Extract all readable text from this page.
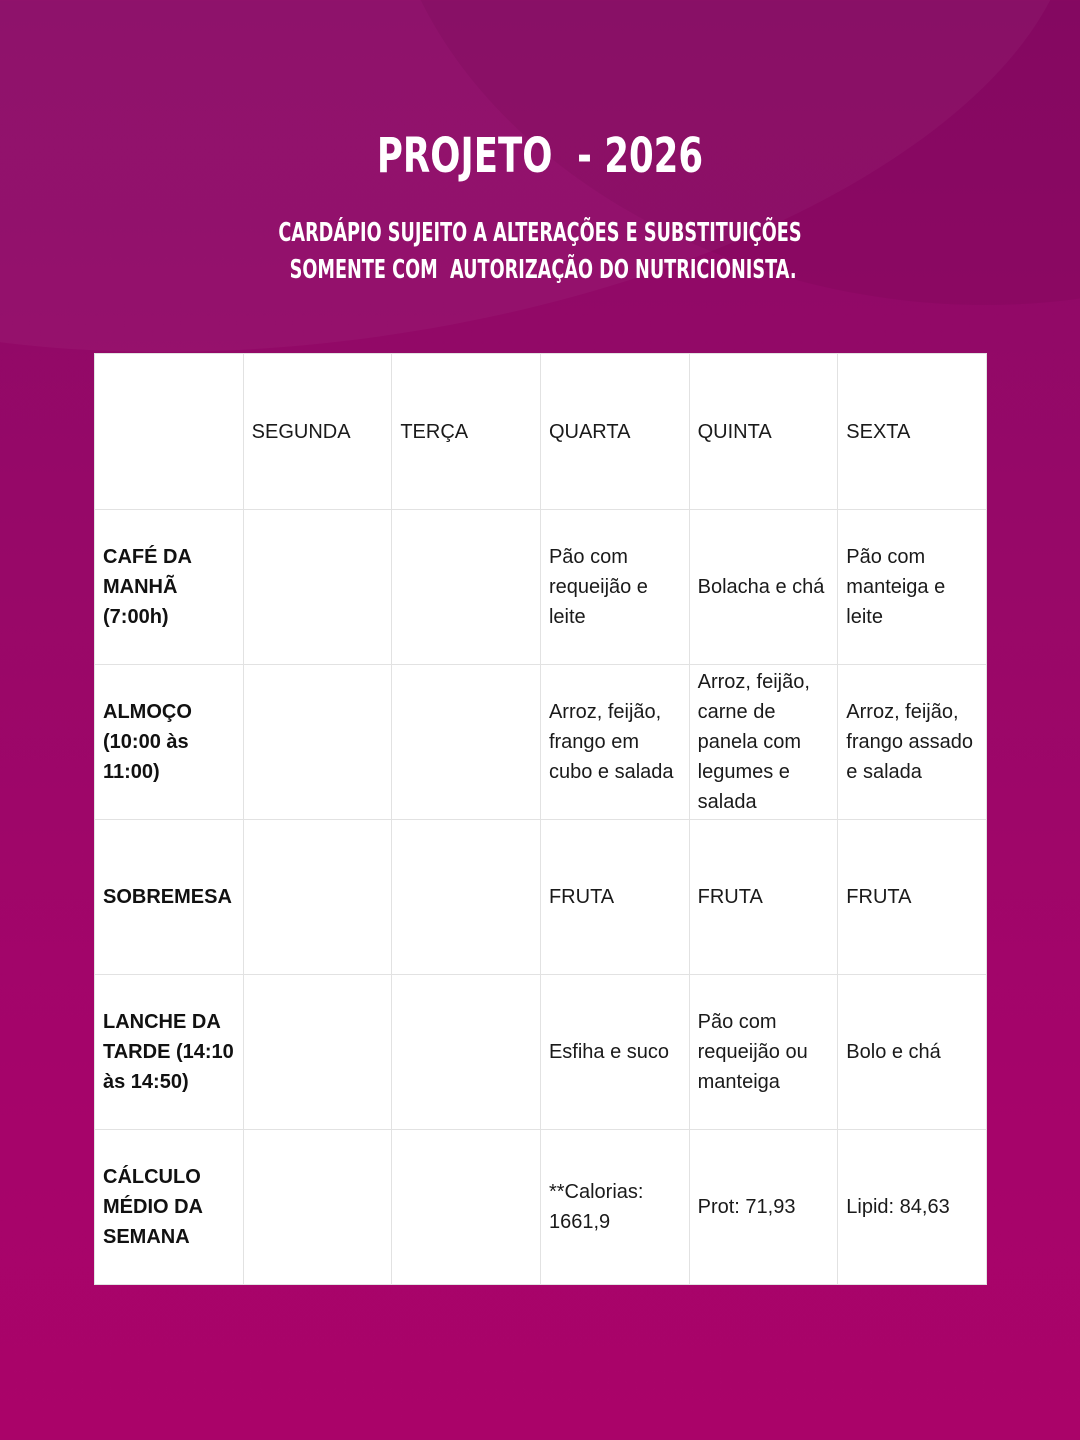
PROJETO  - 2026
CARDÁPIO SUJEITO A ALTERAÇÕES E SUBSTITUIÇÕES
SOMENTE COM  AUTORIZAÇÃO DO NUTRICIONISTA.
	SEGUNDA	TERÇA	QUARTA	QUINTA	SEXTA
CAFÉ DA MANHÃ (7:00h)			Pão com requeijão e leite	Bolacha e chá	Pão com manteiga e leite
ALMOÇO (10:00 às 11:00)			Arroz, feijão, frango em cubo e salada	Arroz, feijão, carne de panela com legumes e salada	Arroz, feijão, frango assado e salada
SOBREMESA			FRUTA	FRUTA	FRUTA
LANCHE DA TARDE (14:10 às 14:50)			Esfiha e suco	Pão com requeijão ou manteiga	Bolo e chá
CÁLCULO MÉDIO DA SEMANA			**Calorias: 1661,9	Prot: 71,93	Lipid: 84,63
